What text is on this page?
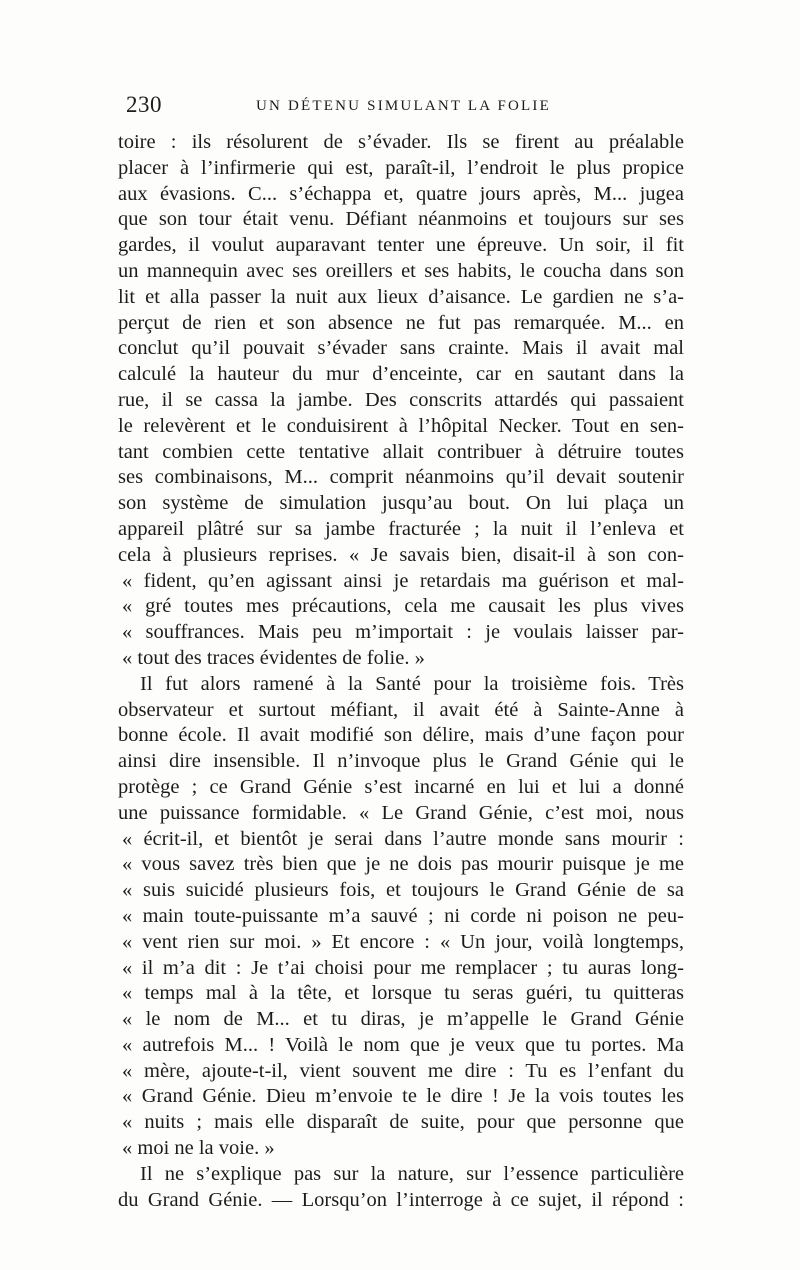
230	UN DÉTENU SIMULANT LA FOLIE
toire : ils résolurent de s’évader. Ils se firent au préalable
placer à l’infirmerie qui est, paraît-il, l’endroit le plus propice
aux évasions. C... s’échappa et, quatre jours après, M... jugea
que son tour était venu. Défiant néanmoins et toujours sur ses
gardes, il voulut auparavant tenter une épreuve. Un soir, il fit
un mannequin avec ses oreillers et ses habits, le coucha dans son
lit et alla passer la nuit aux lieux d’aisance. Le gardien ne s’a-
perçut de rien et son absence ne fut pas remarquée. M... en
conclut qu’il pouvait s’évader sans crainte. Mais il avait mal
calculé la hauteur du mur d’enceinte, car en sautant dans la
rue, il se cassa la jambe. Des conscrits attardés qui passaient
le relevèrent et le conduisirent à l’hôpital Necker. Tout en sen-
tant combien cette tentative allait contribuer à détruire toutes
ses combinaisons, M... comprit néanmoins qu’il devait soutenir
son système de simulation jusqu’au bout. On lui plaça un
appareil plâtré sur sa jambe fracturée ; la nuit il l’enleva et
cela à plusieurs reprises. « Je savais bien, disait-il à son con-
« fident, qu’en agissant ainsi je retardais ma guérison et mal-
« gré toutes mes précautions, cela me causait les plus vives
« souffrances. Mais peu m’importait : je voulais laisser par-
« tout des traces évidentes de folie. »
Il fut alors ramené à la Santé pour la troisième fois. Très
observateur et surtout méfiant, il avait été à Sainte-Anne à
bonne école. Il avait modifié son délire, mais d’une façon pour
ainsi dire insensible. Il n’invoque plus le Grand Génie qui le
protège ; ce Grand Génie s’est incarné en lui et lui a donné
une puissance formidable. « Le Grand Génie, c’est moi, nous
« écrit-il, et bientôt je serai dans l’autre monde sans mourir :
« vous savez très bien que je ne dois pas mourir puisque je me
« suis suicidé plusieurs fois, et toujours le Grand Génie de sa
« main toute-puissante m’a sauvé ; ni corde ni poison ne peu-
« vent rien sur moi. » Et encore : « Un jour, voilà longtemps,
« il m’a dit : Je t’ai choisi pour me remplacer ; tu auras long-
« temps mal à la tête, et lorsque tu seras guéri, tu quitteras
« le nom de M... et tu diras, je m’appelle le Grand Génie
« autrefois M... ! Voilà le nom que je veux que tu portes. Ma
« mère, ajoute-t-il, vient souvent me dire : Tu es l’enfant du
« Grand Génie. Dieu m’envoie te le dire ! Je la vois toutes les
« nuits ; mais elle disparaît de suite, pour que personne que
« moi ne la voie. »
Il ne s’explique pas sur la nature, sur l’essence particulière
du Grand Génie. — Lorsqu’on l’interroge à ce sujet, il répond :
